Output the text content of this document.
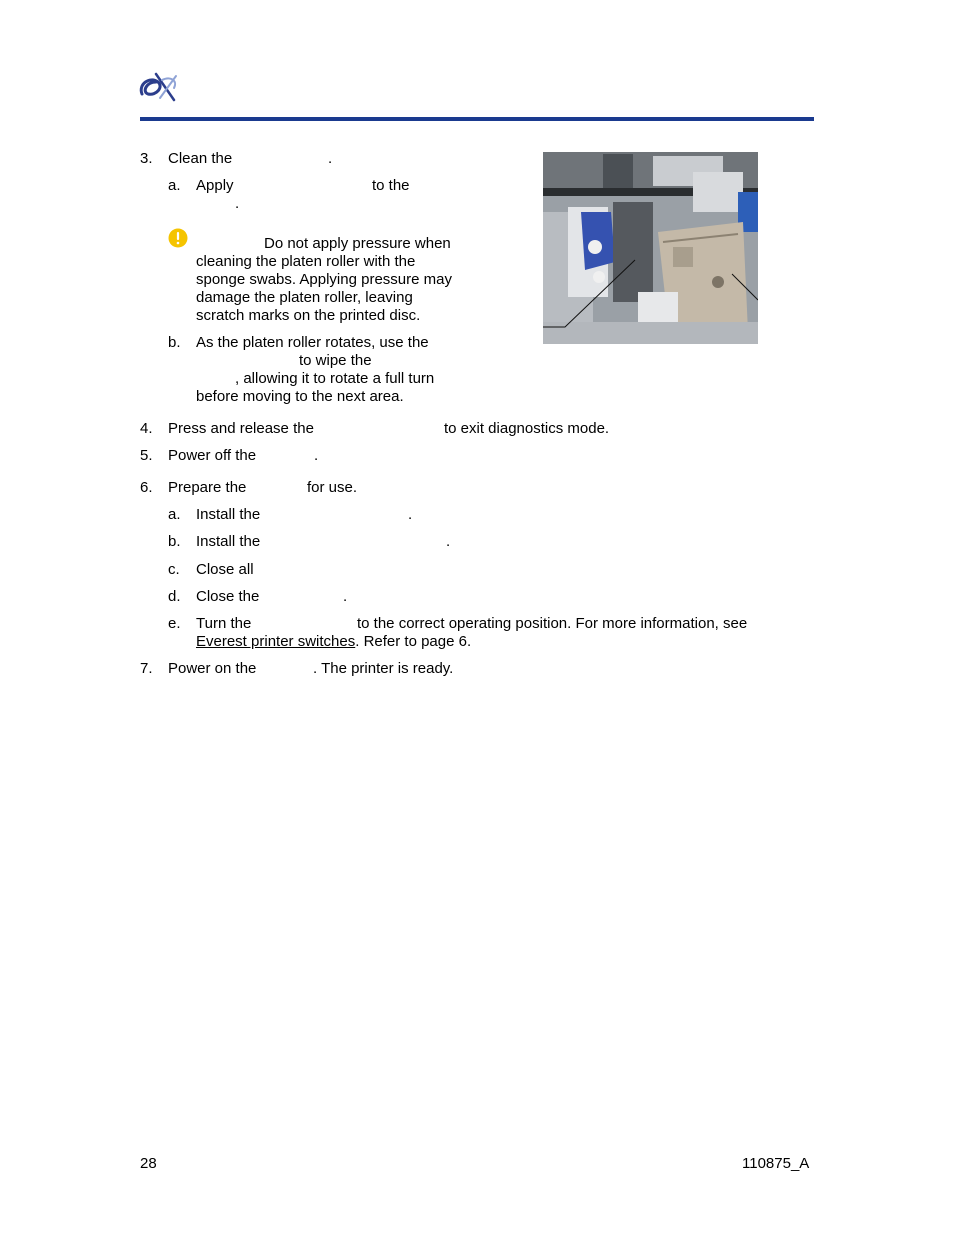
3. Clean the	.
a. Apply	to the
.
Do not apply pressure when
cleaning the platen roller with the
sponge swabs. Applying pressure may
damage the platen roller, leaving
scratch marks on the printed disc.
b. As the platen roller rotates, use the
to wipe the
, allowing it to rotate a full turn
before moving to the next area.
4. Press and release the	to exit diagnostics mode.
5. Power off the	.
6. Prepare the	for use.
a. Install the	.
b. Install the	.
c. Close all
d. Close the	.
e. Turn the	to the correct operating position. For more information, see
Everest printer switches. Refer to page 6.
7. Power on the	. The printer is ready.
28	110875_A
